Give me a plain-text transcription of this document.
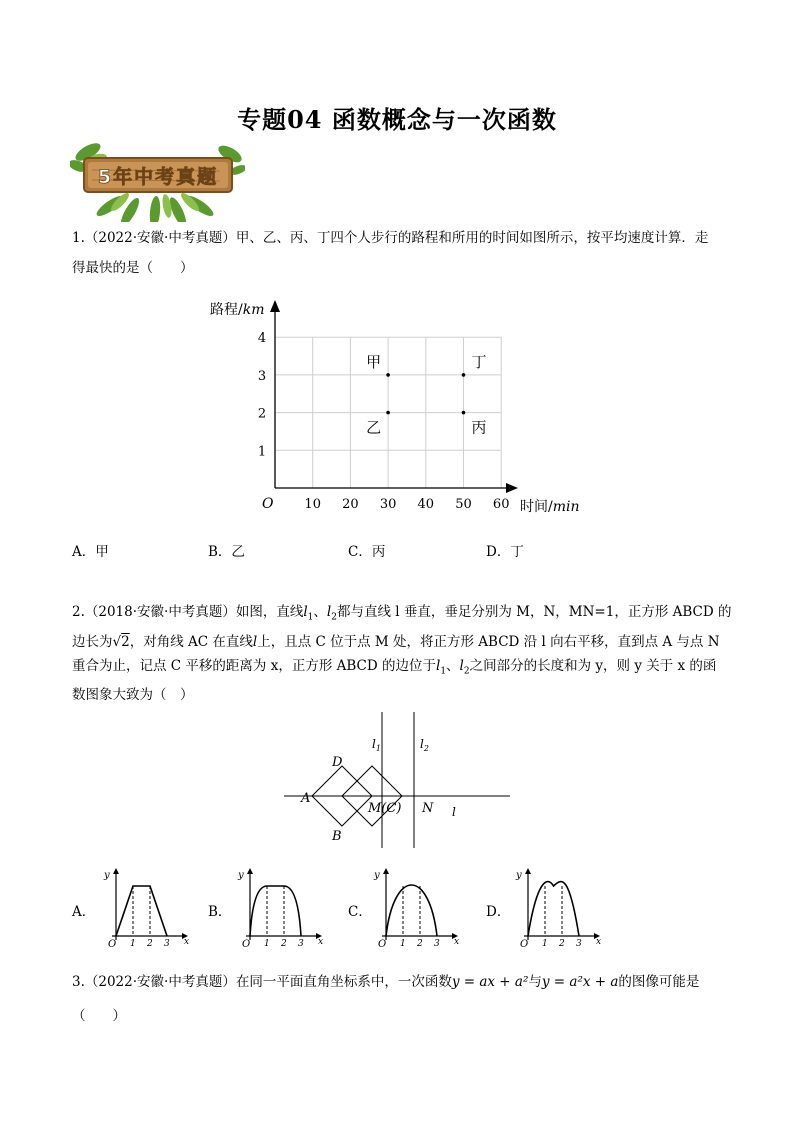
专题04 函数概念与一次函数
5年中考真题
1.（2022·安徽·中考真题）甲、乙、丙、丁四个人步行的路程和所用的时间如图所示，按平均速度计算．走
得最快的是（　　）
10 20 30 40 50 60
1
2
3
4
甲
乙	丙
丁
路程/km
时间/min
O
A．甲	B．乙	C．丙	D．丁
2.（2018·安徽·中考真题）如图，直线$l_1$、$l_2$都与直线 l 垂直，垂足分别为 M，N，MN=1，正方形 ABCD 的
边长为√2，对角线 AC 在直线l上，且点 C 位于点 M 处，将正方形 ABCD 沿 l 向右平移，直到点 A 与点 N
重合为止，记点 C 平移的距离为 x，正方形 ABCD 的边位于$l_1$、$l_2$之间部分的长度和为 y，则 y 关于 x 的函
数图象大致为（　）
A
B
D
M(C) N l
$l_1$	$l_2$
A．	B．	C．	D．
y
x
O 1 2 3
y
x
O 1 2 3
y
x
O 1 2 3
y
x
O 1 2 3
3.（2022·安徽·中考真题）在同一平面直角坐标系中，一次函数y = ax + a²与y = a²x + a的图像可能是
（　　）
